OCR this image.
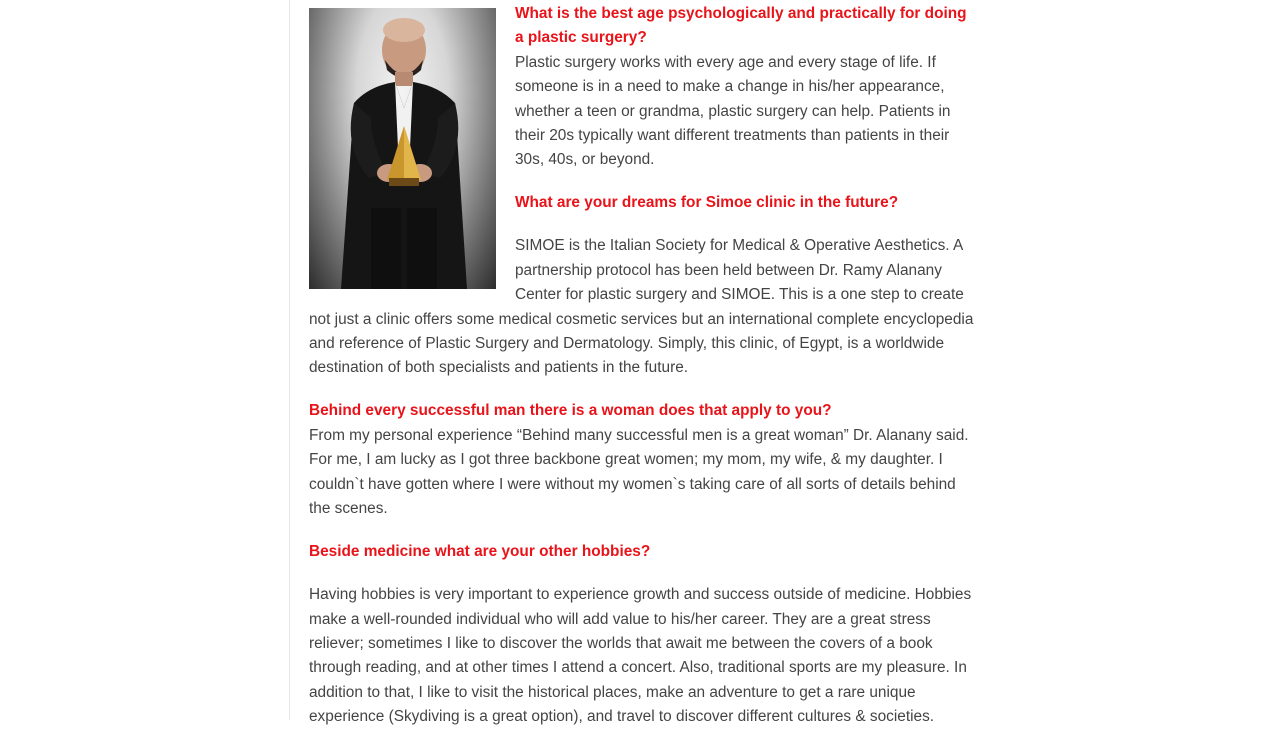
What is the best age psychologically and practically for doing a plastic surgery?

Plastic surgery works with every age and every stage of life. If someone is in a need to make a change in his/her appearance, whether a teen or grandma, plastic surgery can help. Patients in their 20s typically want different treatments than patients in their 30s, 40s, or beyond.

What are your dreams for Simoe clinic in the future?

SIMOE is the Italian Society for Medical & Operative Aesthetics. A partnership protocol has been held between Dr. Ramy Alanany Center for plastic surgery and SIMOE. This is a one step to create not just a clinic offers some medical cosmetic services but an international complete encyclopedia and reference of Plastic Surgery and Dermatology. Simply, this clinic, of Egypt, is a worldwide destination of both specialists and patients in the future.

Behind every successful man there is a woman does that apply to you?

From my personal experience “Behind many successful men is a great woman” Dr. Alanany said. For me, I am lucky as I got three backbone great women; my mom, my wife, & my daughter. I couldn`t have gotten where I were without my women`s taking care of all sorts of details behind the scenes.

Beside medicine what are your other hobbies?

Having hobbies is very important to experience growth and success outside of medicine. Hobbies make a well-rounded individual who will add value to his/her career. They are a great stress reliever; sometimes I like to discover the worlds that await me between the covers of a book through reading, and at other times I attend a concert. Also, traditional sports are my pleasure. In addition to that, I like to visit the historical places, make an adventure to get a rare unique experience (Skydiving is a great option), and travel to discover different cultures & societies.
